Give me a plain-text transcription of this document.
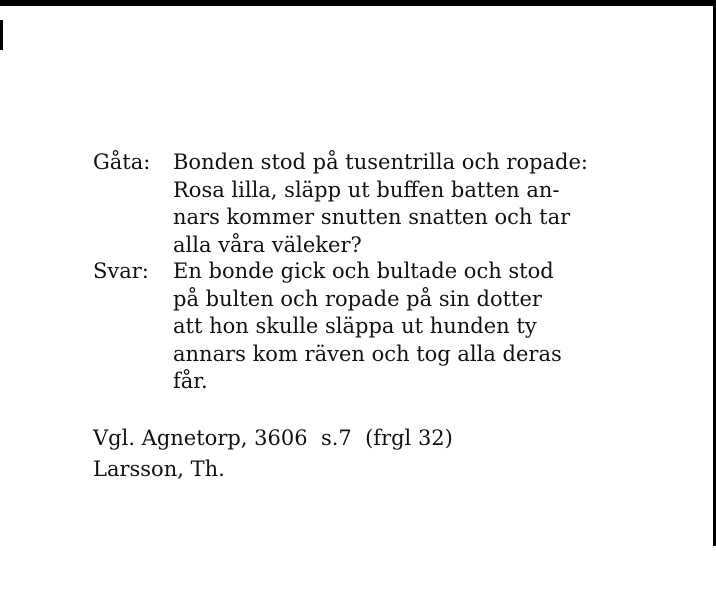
Gåta: Bonden stod på tusentrilla och ropade:
Rosa lilla, släpp ut buffen batten an-
nars kommer snutten snatten och tar
alla våra väleker?
Svar: En bonde gick och bultade och stod
på bulten och ropade på sin dotter
att hon skulle släppa ut hunden ty
annars kom räven och tog alla deras
får.
Vgl. Agnetorp, 3606  s.7  (frgl 32)
Larsson, Th.
